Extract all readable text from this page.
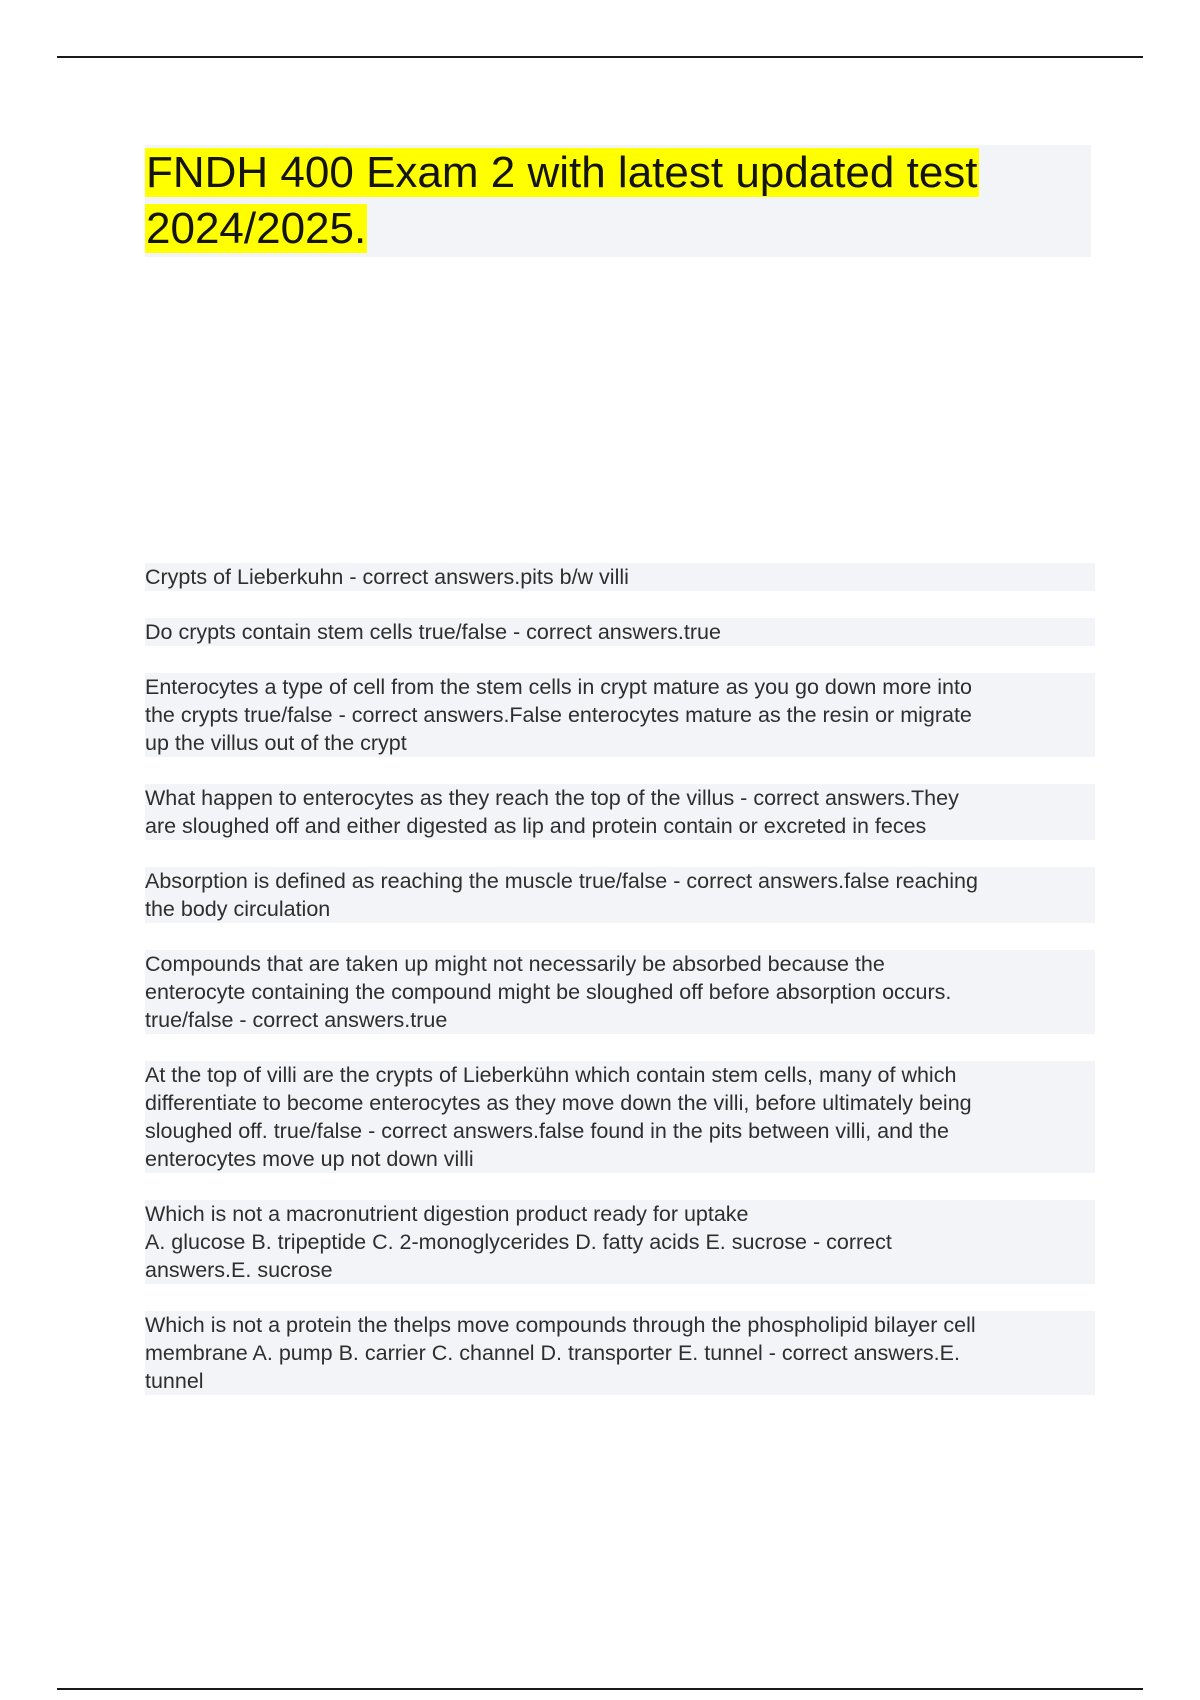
FNDH 400 Exam 2 with latest updated test
2024/2025.

Crypts of Lieberkuhn - correct answers.pits b/w villi

Do crypts contain stem cells true/false - correct answers.true

Enterocytes a type of cell from the stem cells in crypt mature as you go down more into
the crypts true/false - correct answers.False enterocytes mature as the resin or migrate
up the villus out of the crypt

What happen to enterocytes as they reach the top of the villus - correct answers.They
are sloughed off and either digested as lip and protein contain or excreted in feces

Absorption is defined as reaching the muscle true/false - correct answers.false reaching
the body circulation

Compounds that are taken up might not necessarily be absorbed because the
enterocyte containing the compound might be sloughed off before absorption occurs.
true/false - correct answers.true

At the top of villi are the crypts of Lieberkühn which contain stem cells, many of which
differentiate to become enterocytes as they move down the villi, before ultimately being
sloughed off. true/false - correct answers.false found in the pits between villi, and the
enterocytes move up not down villi

Which is not a macronutrient digestion product ready for uptake
A. glucose B. tripeptide C. 2-monoglycerides D. fatty acids E. sucrose - correct
answers.E. sucrose

Which is not a protein the thelps move compounds through the phospholipid bilayer cell
membrane A. pump B. carrier C. channel D. transporter E. tunnel - correct answers.E.
tunnel
